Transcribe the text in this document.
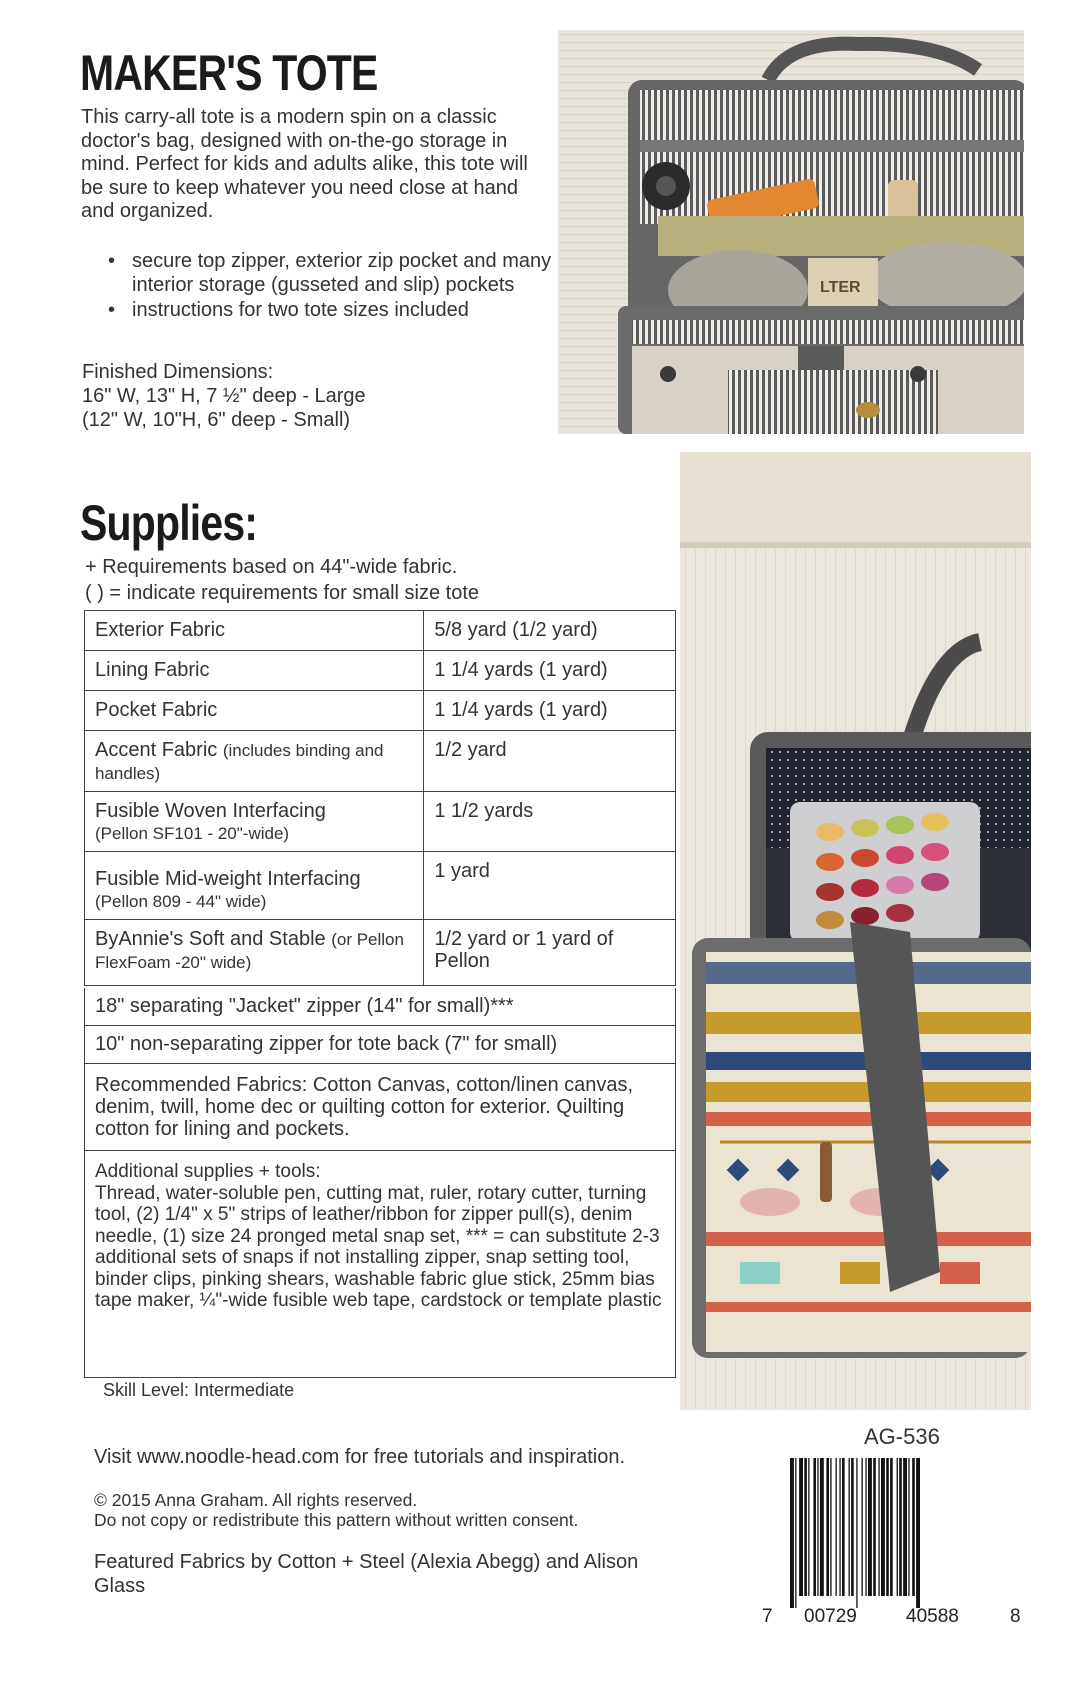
MAKER'S TOTE

This carry-all tote is a modern spin on a classic doctor's bag, designed with on-the-go storage in mind. Perfect for kids and adults alike, this tote will be sure to keep whatever you need close at hand and organized.

• secure top zipper, exterior zip pocket and many interior storage (gusseted and slip) pockets
• instructions for two tote sizes included
Finished Dimensions:
16" W, 13" H, 7 ½" deep - Large
(12" W, 10"H, 6" deep - Small)
Supplies:
+ Requirements based on 44"-wide fabric.
( ) = indicate requirements for small size tote
Exterior Fabric	5/8 yard (1/2 yard)
Lining Fabric	1 1/4 yards (1 yard)
Pocket Fabric	1 1/4 yards (1 yard)
Accent Fabric (includes binding and handles)	1/2 yard
Fusible Woven Interfacing
(Pellon SF101 - 20"-wide)	1 1/2 yards
Fusible Mid-weight Interfacing
(Pellon 809 - 44" wide)	1 yard
ByAnnie's Soft and Stable (or Pellon FlexFoam -20" wide)	1/2 yard or 1 yard of Pellon
18" separating "Jacket" zipper (14" for small)***
10" non-separating zipper for tote back (7" for small)
Recommended Fabrics: Cotton Canvas, cotton/linen canvas, denim, twill, home dec or quilting cotton for exterior. Quilting cotton for lining and pockets.
Additional supplies + tools:
Thread, water-soluble pen, cutting mat, ruler, rotary cutter, turning tool, (2) 1/4" x 5" strips of leather/ribbon for zipper pull(s), denim needle, (1) size 24 pronged metal snap set, *** = can substitute 2-3 additional sets of snaps if not installing zipper, snap setting tool, binder clips, pinking shears, washable fabric glue stick, 25mm bias tape maker, ¼"-wide fusible web tape, cardstock or template plastic
Skill Level: Intermediate
Visit www.noodle-head.com for free tutorials and inspiration.
© 2015 Anna Graham. All rights reserved.
Do not copy or redistribute this pattern without written consent.
Featured Fabrics by Cotton + Steel (Alexia Abegg) and Alison Glass
AG-536
7 00729	40588	8
LTER
